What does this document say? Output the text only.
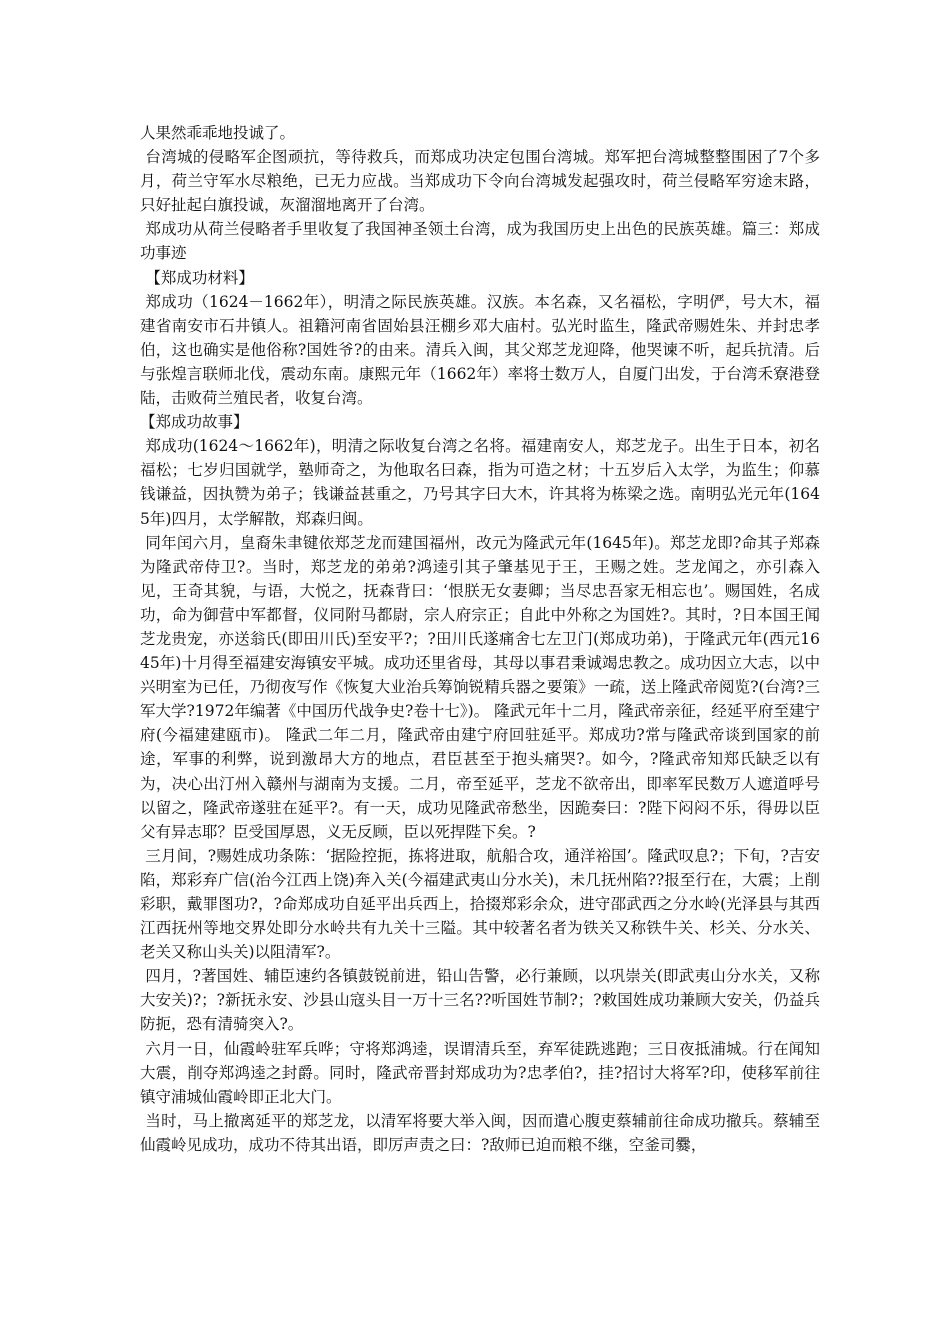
人果然乖乖地投诚了。

台湾城的侵略军企图顽抗，等待救兵，而郑成功决定包围台湾城。郑军把台湾城整整围困了7个多月，荷兰守军水尽粮绝，已无力应战。当郑成功下令向台湾城发起强攻时，荷兰侵略军穷途末路，只好扯起白旗投诚，灰溜溜地离开了台湾。

郑成功从荷兰侵略者手里收复了我国神圣领土台湾，成为我国历史上出色的民族英雄。篇三：郑成功事迹

【郑成功材料】

郑成功（1624－1662年），明清之际民族英雄。汉族。本名森，又名福松，字明俨，号大木，福建省南安市石井镇人。祖籍河南省固始县汪棚乡邓大庙村。弘光时监生，隆武帝赐姓朱、并封忠孝伯，这也确实是他俗称?国姓爷?的由来。清兵入闽，其父郑芝龙迎降，他哭谏不听，起兵抗清。后与张煌言联师北伐，震动东南。康熙元年（1662年）率将士数万人，自厦门出发，于台湾禾寮港登陆，击败荷兰殖民者，收复台湾。

【郑成功故事】

郑成功(1624～1662年)，明清之际收复台湾之名将。福建南安人，郑芝龙子。出生于日本，初名福松；七岁归国就学，塾师奇之，为他取名曰森，指为可造之材；十五岁后入太学，为监生；仰慕钱谦益，因执赞为弟子；钱谦益甚重之，乃号其字曰大木，许其将为栋梁之选。南明弘光元年(1645年)四月，太学解散，郑森归闽。

同年闰六月，皇裔朱聿键依郑芝龙而建国福州，改元为隆武元年(1645年)。郑芝龙即?命其子郑森为隆武帝侍卫?。当时，郑芝龙的弟弟?鸿逵引其子肇基见于王，王赐之姓。芝龙闻之，亦引森入见，王奇其貌，与语，大悦之，抚森背曰：‘恨朕无女妻卿；当尽忠吾家无相忘也’。赐国姓，名成功，命为御营中军都督，仪同附马都尉，宗人府宗正；自此中外称之为国姓?。其时，?日本国王闻芝龙贵宠，亦送翁氏(即田川氏)至安平?；?田川氏遂痛舍七左卫门(郑成功弟)，于隆武元年(西元1645年)十月得至福建安海镇安平城。成功还里省母，其母以事君秉诚竭忠教之。成功因立大志，以中兴明室为已任，乃彻夜写作《恢复大业治兵筹饷锐精兵器之要策》一疏，送上隆武帝阅览?(台湾?三军大学?1972年编著《中国历代战争史?卷十七》)。 隆武元年十二月，隆武帝亲征，经延平府至建宁府(今福建建瓯市)。 隆武二年二月，隆武帝由建宁府回驻延平。郑成功?常与隆武帝谈到国家的前途，军事的利弊，说到激昂大方的地点，君臣甚至于抱头痛哭?。如今，?隆武帝知郑氏缺乏以有为，决心出汀州入赣州与湖南为支援。二月，帝至延平，芝龙不欲帝出，即率军民数万人遮道呼号以留之，隆武帝遂驻在延平?。有一天，成功见隆武帝愁坐，因跪奏曰：?陛下闷闷不乐，得毋以臣父有异志耶？臣受国厚恩，义无反顾，臣以死捍陛下矣。?

三月间，?赐姓成功条陈：‘据险控扼，拣将进取，航船合攻，通洋裕国’。隆武叹息?；下旬，?吉安陷，郑彩弃广信(治今江西上饶)奔入关(今福建武夷山分水关)，未几抚州陷??报至行在，大震；上削彩职，戴罪图功?，?命郑成功自延平出兵西上，拾掇郑彩余众，进守邵武西之分水岭(光泽县与其西江西抚州等地交界处即分水岭共有九关十三隘。其中较著名者为铁关又称铁牛关、杉关、分水关、老关又称山头关)以阻清军?。

四月，?著国姓、辅臣速约各镇鼓锐前进，铅山告警，必行兼顾，以巩崇关(即武夷山分水关，又称大安关)?；?新抚永安、沙县山寇头目一万十三名??听国姓节制?；?敕国姓成功兼顾大安关，仍益兵防扼，恐有清骑突入?。

六月一日，仙霞岭驻军兵哗；守将郑鸿逵，误谓清兵至，弃军徒跣逃跑；三日夜抵浦城。行在闻知大震，削夺郑鸿逵之封爵。同时，隆武帝晋封郑成功为?忠孝伯?，挂?招讨大将军?印，使移军前往镇守浦城仙霞岭即正北大门。

当时，马上撤离延平的郑芝龙，以清军将要大举入闽，因而遣心腹吏蔡辅前往命成功撤兵。蔡辅至仙霞岭见成功，成功不待其出语，即厉声责之曰：?敌师已迫而粮不继，空釜司爨，
